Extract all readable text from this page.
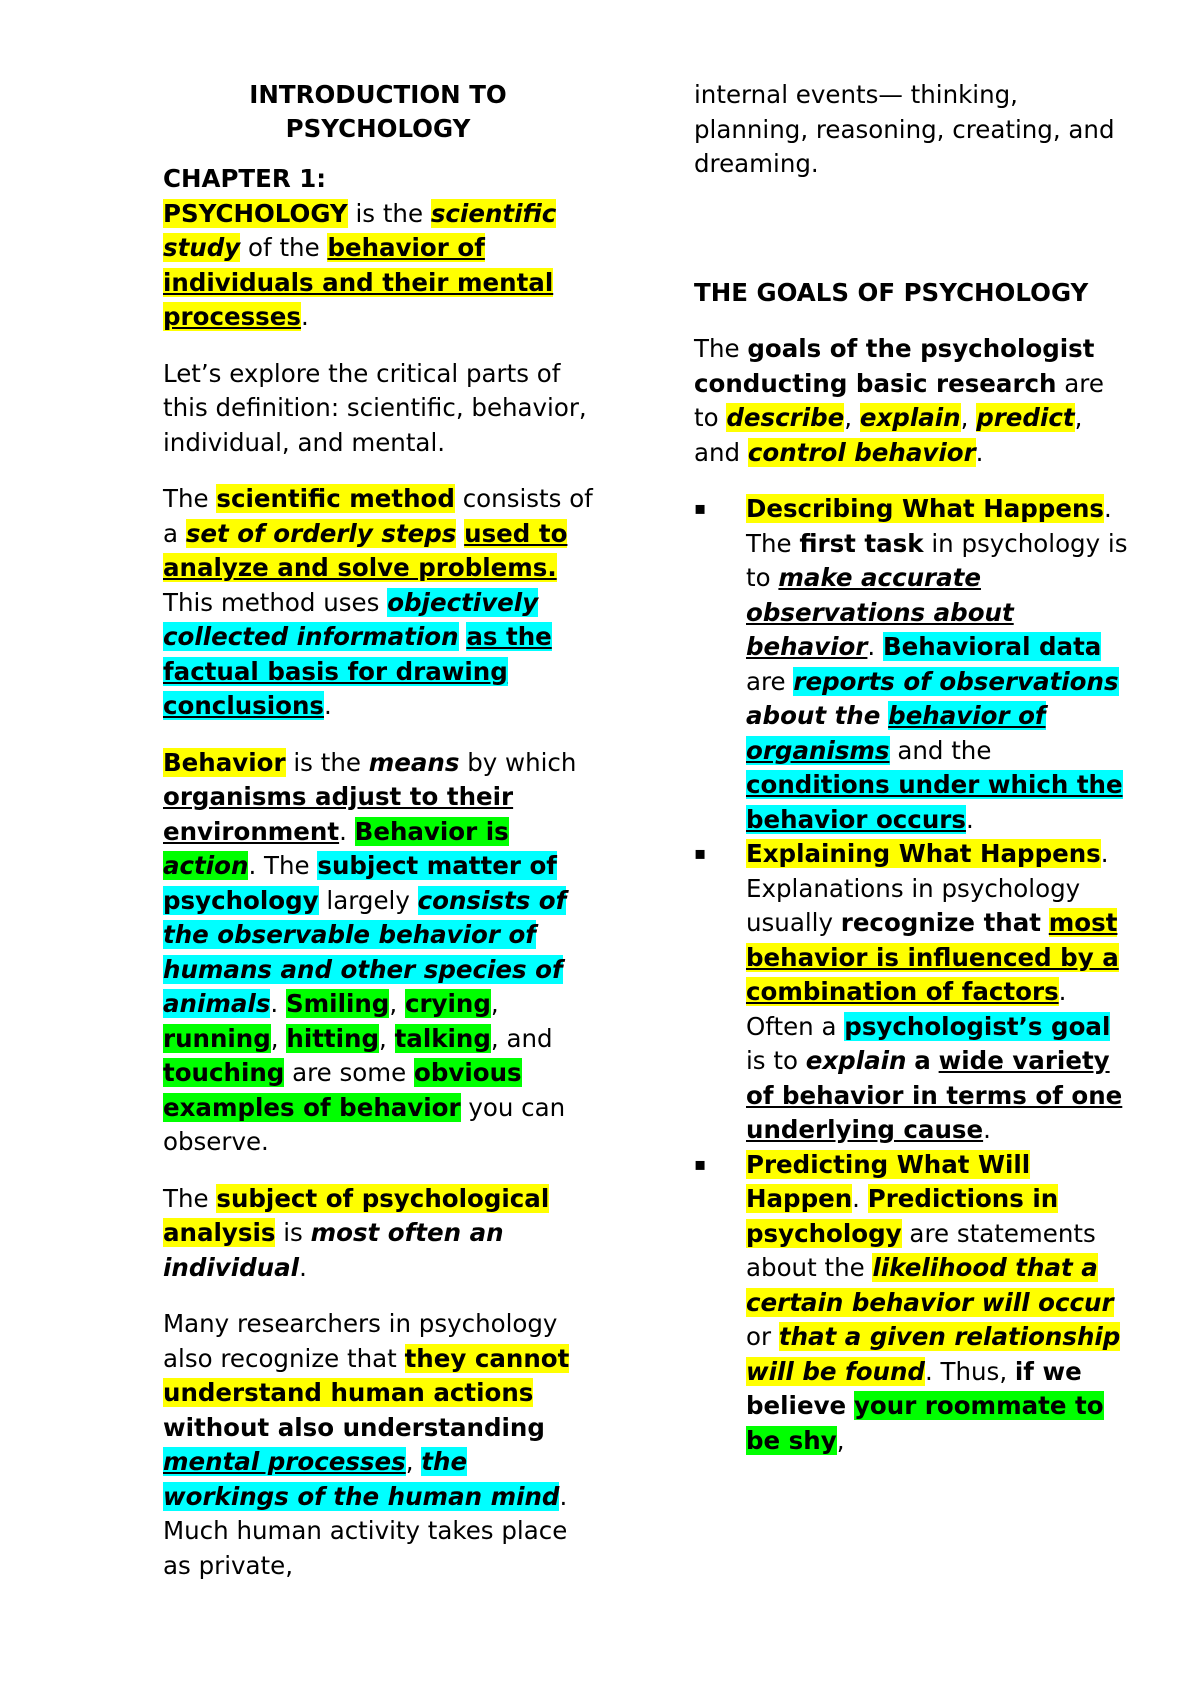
INTRODUCTION TO
PSYCHOLOGY
CHAPTER 1:

PSYCHOLOGY is the scientific study of the behavior of individuals and their mental processes.

Let’s explore the critical parts of this definition: scientific, behavior, individual, and mental.

The scientific method consists of a set of orderly steps used to analyze and solve problems. This method uses objectively collected information as the factual basis for drawing conclusions.

Behavior is the means by which organisms adjust to their environment. Behavior is action. The subject matter of psychology largely consists of the observable behavior of humans and other species of animals. Smiling, crying, running, hitting, talking, and touching are some obvious examples of behavior you can observe.

The subject of psychological analysis is most often an individual.

Many researchers in psychology also recognize that they cannot understand human actions without also understanding mental processes, the workings of the human mind. Much human activity takes place as private,

internal events— thinking, planning, reasoning, creating, and dreaming.

THE GOALS OF PSYCHOLOGY

The goals of the psychologist conducting basic research are to describe, explain, predict, and control behavior.

▪	Describing What Happens. The first task in psychology is to make accurate observations about behavior. Behavioral data are reports of observations about the behavior of organisms and the conditions under which the behavior occurs.
▪	Explaining What Happens. Explanations in psychology usually recognize that most behavior is influenced by a combination of factors. Often a psychologist’s goal is to explain a wide variety of behavior in terms of one underlying cause.
▪	Predicting What Will Happen. Predictions in psychology are statements about the likelihood that a certain behavior will occur or that a given relationship will be found. Thus, if we believe your roommate to be shy,
